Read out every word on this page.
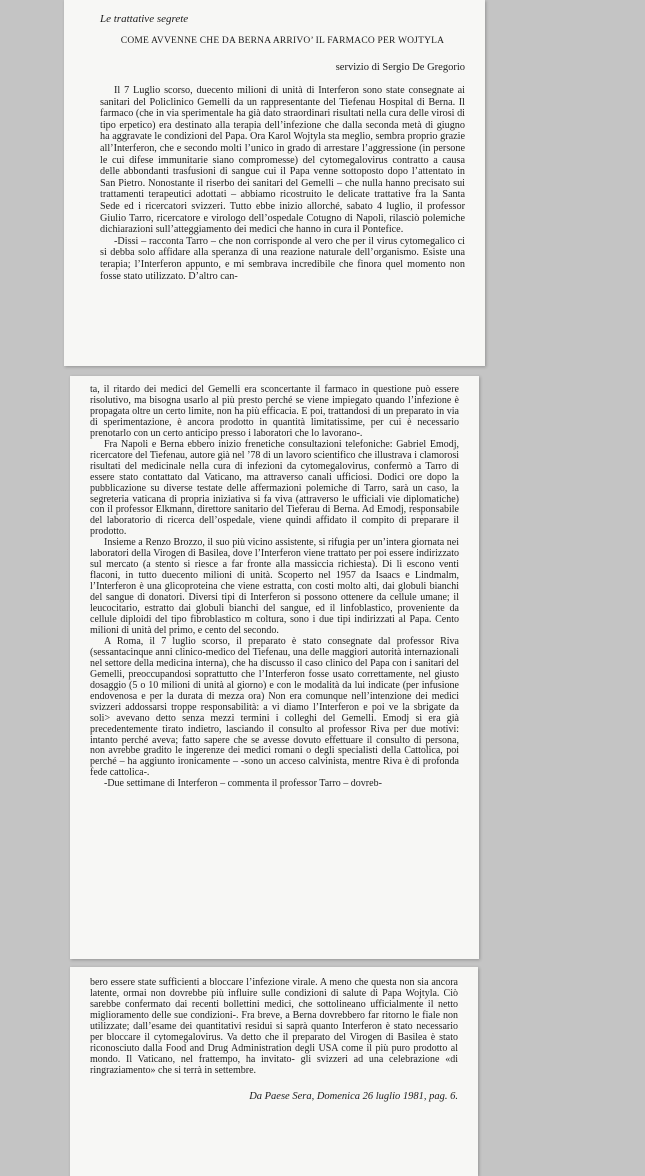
Le trattative segrete

COME AVVENNE CHE DA BERNA ARRIVO’ IL FARMACO PER WOJTYLA

servizio di Sergio De Gregorio

Il 7 Luglio scorso, duecento milioni di unità di Interferon sono state consegnate ai sanitari del Policlinico Gemelli da un rappresentante del Tiefenau Hospital di Berna. Il farmaco (che in via sperimentale ha già dato straordinari risultati nella cura delle virosi di tipo erpetico) era destinato alla terapia dell’infezione che dalla seconda metà di giugno ha aggravate le condizioni del Papa. Ora Karol Wojtyla sta meglio, sembra proprio grazie all’Interferon, che e secondo molti l’unico in grado di arrestare l’aggressione (in persone le cui difese immunitarie siano compromesse) del cytomegalovirus contratto a causa delle abbondanti trasfusioni di sangue cui il Papa venne sottoposto dopo l’attentato in San Pietro. Nonostante il riserbo dei sanitari del Gemelli – che nulla hanno precisato sui trattamenti terapeutici adottati – abbiamo ricostruito le delicate trattative fra la Santa Sede ed i ricercatori svizzeri. Tutto ebbe inizio allorché, sabato 4 luglio, il professor Giulio Tarro, ricercatore e virologo dell’ospedale Cotugno di Napoli, rilasciò polemiche dichiarazioni sull’atteggiamento dei medici che hanno in cura il Pontefice.

-Dissi – racconta Tarro – che non corrisponde al vero che per il virus cytomegalico ci si debba solo affidare alla speranza di una reazione naturale dell’organismo. Esiste una terapia; l’Interferon appunto, e mi sembrava incredibile che finora quel momento non fosse stato utilizzato. D’altro can-

ta, il ritardo dei medici del Gemelli era sconcertante il farmaco in questione può essere risolutivo, ma bisogna usarlo al più presto perché se viene impiegato quando l’infezione è propagata oltre un certo limite, non ha più efficacia. E poi, trattandosi di un preparato in via di sperimentazione, è ancora prodotto in quantità limitatissime, per cui è necessario prenotarlo con un certo anticipo presso i laboratori che lo lavorano-.

Fra Napoli e Berna ebbero inizio frenetiche consultazioni telefoniche: Gabriel Emodj, ricercatore del Tiefenau, autore già nel ’78 di un lavoro scientifico che illustrava i clamorosi risultati del medicinale nella cura di infezioni da cytomegalovirus, confermò a Tarro di essere stato contattato dal Vaticano, ma attraverso canali ufficiosi. Dodici ore dopo la pubblicazione su diverse testate delle affermazioni polemiche di Tarro, sarà un caso, la segreteria vaticana di propria iniziativa si fa viva (attraverso le ufficiali vie diplomatiche) con il professor Elkmann, direttore sanitario del Tieferau di Berna. Ad Emodj, responsabile del laboratorio di ricerca dell’ospedale, viene quindi affidato il compito di preparare il prodotto.

Insieme a Renzo Brozzo, il suo più vicino assistente, si rifugia per un’intera giornata nei laboratori della Virogen di Basilea, dove l’Interferon viene trattato per poi essere indirizzato sul mercato (a stento si riesce a far fronte alla massiccia richiesta). Di lì escono venti flaconi, in tutto duecento milioni di unità. Scoperto nel 1957 da Isaacs e Lindmalm, l’Interferon è una glicoproteina che viene estratta, con costi molto alti, dai globuli bianchi del sangue di donatori. Diversi tipi di Interferon si possono ottenere da cellule umane; il leucocitario, estratto dai globuli bianchi del sangue, ed il linfoblastico, proveniente da cellule diploidi del tipo fibroblastico m coltura, sono i due tipi indirizzati al Papa. Cento milioni di unità del primo, e cento del secondo.

A Roma, il 7 luglio scorso, il preparato è stato consegnate dal professor Riva (sessantacinque anni clinico-medico del Tiefenau, una delle maggiori autorità internazionali nel settore della medicina interna), che ha discusso il caso clinico del Papa con i sanitari del Gemelli, preoccupandosi soprattutto che l’Interferon fosse usato correttamente, nel giusto dosaggio (5 o 10 milioni di unità al giorno) e con le modalità da lui indicate (per infusione endovenosa e per la durata di mezza ora) Non era comunque nell’intenzione dei medici svizzeri addossarsi troppe responsabilità: a vi diamo l’Interferon e poi ve la sbrigate da soli> avevano detto senza mezzi termini i colleghi del Gemelli. Emodj si era già precedentemente tirato indietro, lasciando il consulto al professor Riva per due motivi: intanto perché aveva; fatto sapere che se avesse dovuto effettuare il consulto di persona, non avrebbe gradito le ingerenze dei medici romani o degli specialisti della Cattolica, poi perché – ha aggiunto ironicamente – -sono un acceso calvinista, mentre Riva è di profonda fede cattolica-.

-Due settimane di Interferon – commenta il professor Tarro – dovreb-

bero essere state sufficienti a bloccare l’infezione virale. A meno che questa non sia ancora latente, ormai non dovrebbe più influire sulle condizioni di salute di Papa Wojtyla. Ciò sarebbe confermato dai recenti bollettini medici, che sottolineano ufficialmente il netto miglioramento delle sue condizioni-. Fra breve, a Berna dovrebbero far ritorno le fiale non utilizzate; dall’esame dei quantitativi residui si saprà quanto Interferon è stato necessario per bloccare il cytomegalovirus. Va detto che il preparato del Virogen di Basilea è stato riconosciuto dalla Food and Drug Administration degli USA come il più puro prodotto al mondo. Il Vaticano, nel frattempo, ha invitato- gli svizzeri ad una celebrazione «di ringraziamento» che si terrà in settembre.

Da Paese Sera, Domenica 26 luglio 1981, pag. 6.
